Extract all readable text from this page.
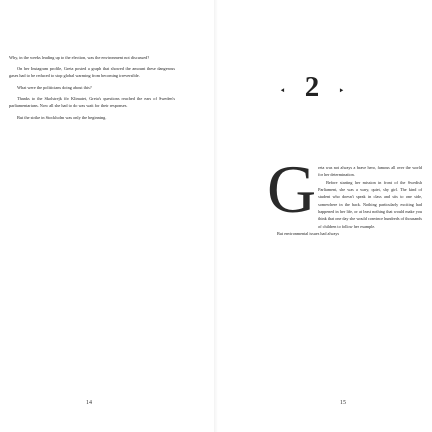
Why, in the weeks leading up to the election, was the environment not discussed?

On her Instagram profile, Greta posted a graph that showed the amount these dangerous gases had to be reduced to stop global warming from becoming irreversible.

What were the politicians doing about this?

Thanks to the Skolstrejk för Klimatet, Greta's questions reached the ears of Sweden's parliamentarians. Now all she had to do was wait for their responses.

But the strike in Stockholm was only the beginning.

14
⯇ 2	⯈
G reta was not always a brave hero, famous all over the world for her determination.

Before starting her mission in front of the Swedish Parliament, she was a wary, quiet, shy girl. The kind of student who doesn't speak in class and sits to one side, somewhere in the back. Nothing particularly exciting had happened in her life, or at least nothing that would make you think that one day she would convince hundreds of thousands of children to follow her example.

But environmental issues had always

15
